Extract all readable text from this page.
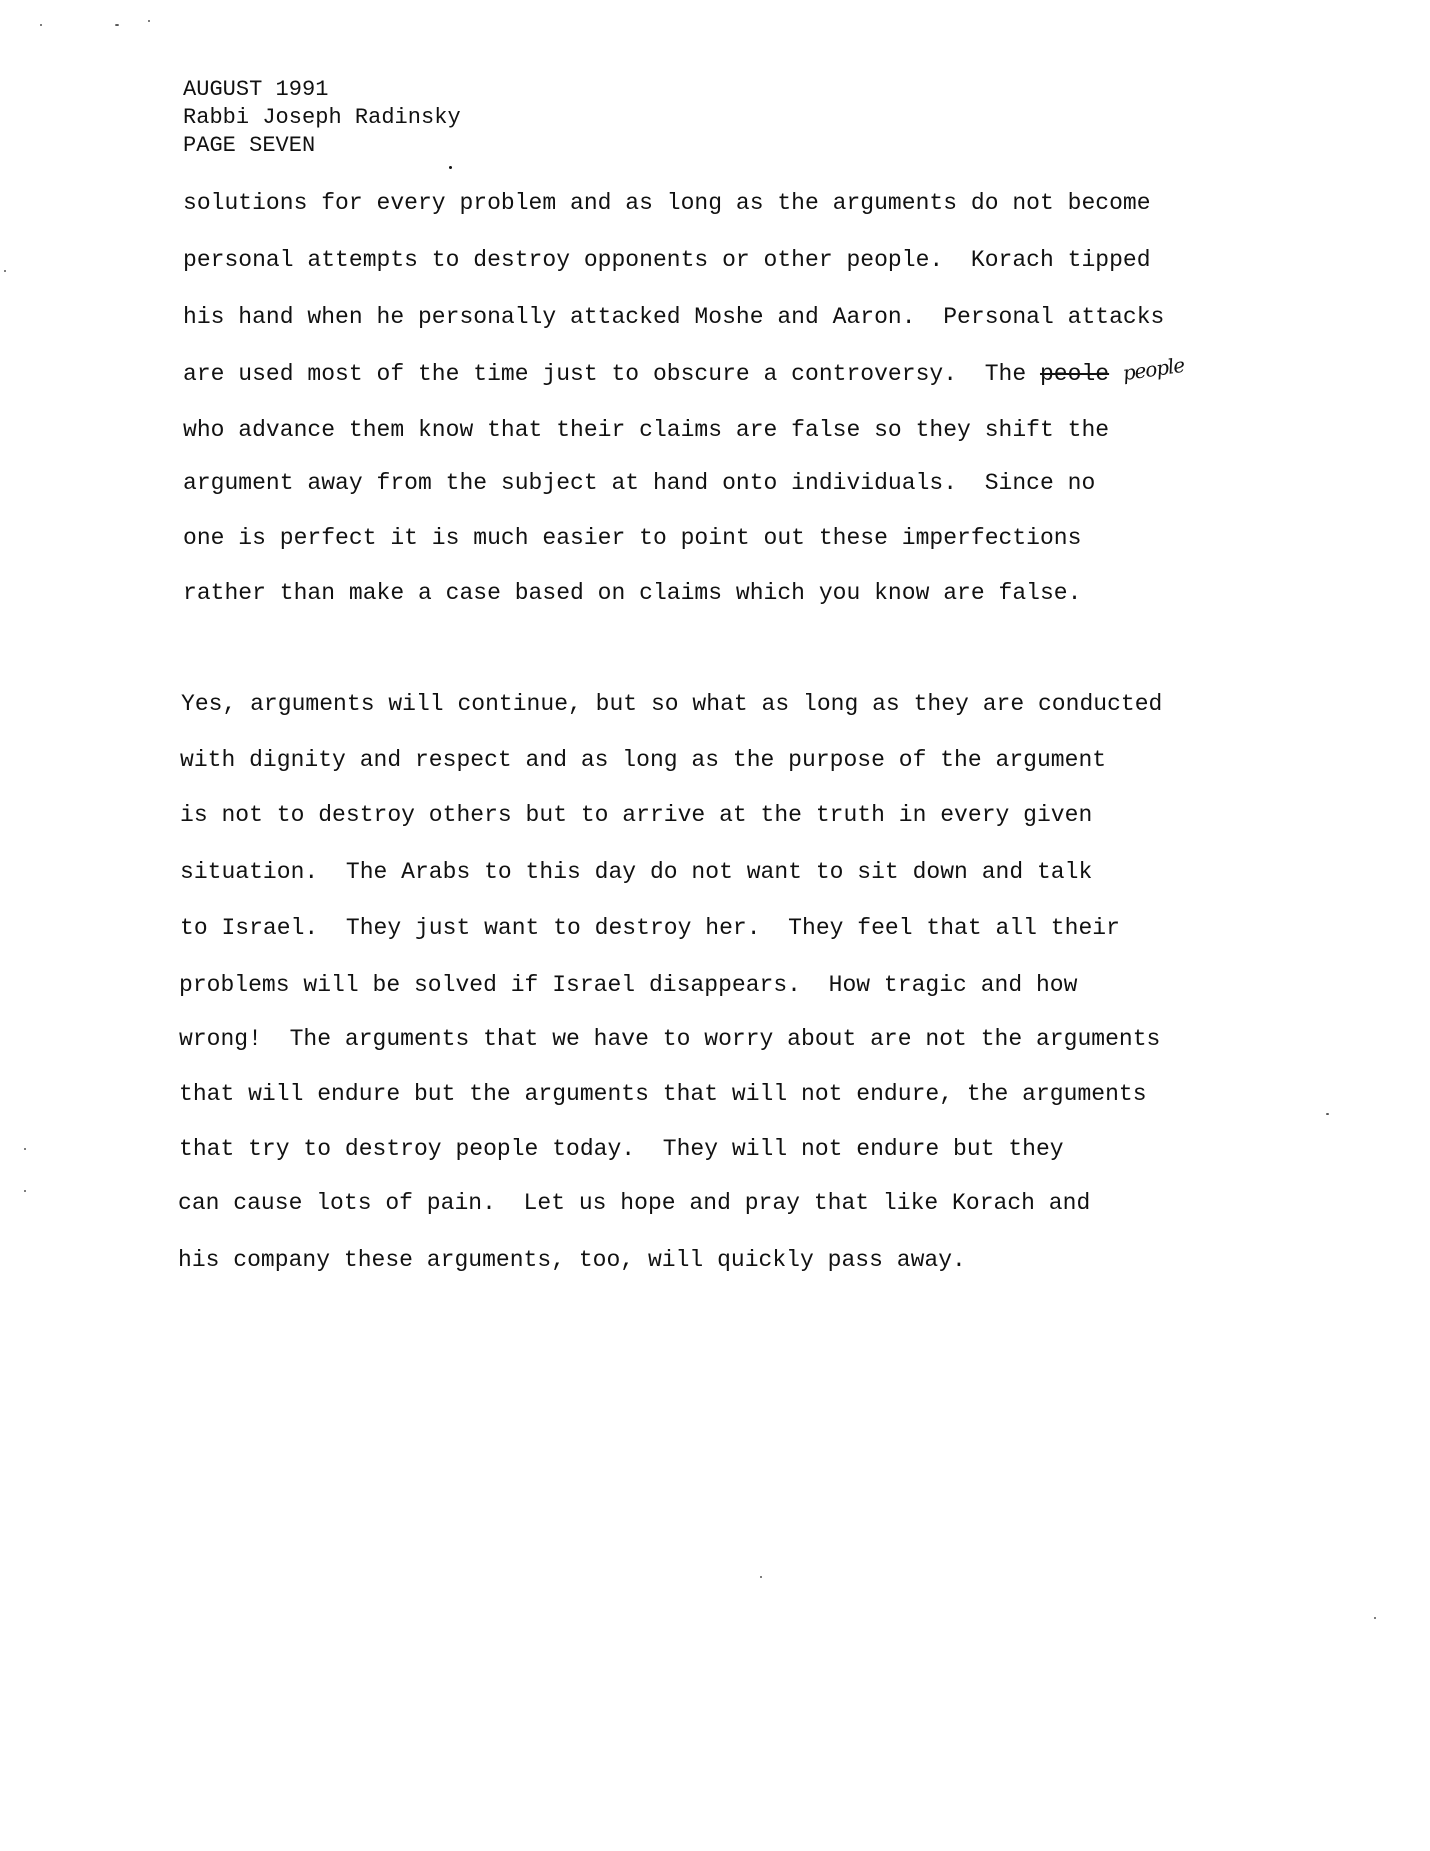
AUGUST 1991
Rabbi Joseph Radinsky
PAGE SEVEN
solutions for every problem and as long as the arguments do not become
personal attempts to destroy opponents or other people.  Korach tipped
his hand when he personally attacked Moshe and Aaron.  Personal attacks
are used most of the time just to obscure a controversy.  The peole people
who advance them know that their claims are false so they shift the
argument away from the subject at hand onto individuals.  Since no
one is perfect it is much easier to point out these imperfections
rather than make a case based on claims which you know are false.
Yes, arguments will continue, but so what as long as they are conducted
with dignity and respect and as long as the purpose of the argument
is not to destroy others but to arrive at the truth in every given
situation.  The Arabs to this day do not want to sit down and talk
to Israel.  They just want to destroy her.  They feel that all their
problems will be solved if Israel disappears.  How tragic and how
wrong!  The arguments that we have to worry about are not the arguments
that will endure but the arguments that will not endure, the arguments
that try to destroy people today.  They will not endure but they
can cause lots of pain.  Let us hope and pray that like Korach and
his company these arguments, too, will quickly pass away.
